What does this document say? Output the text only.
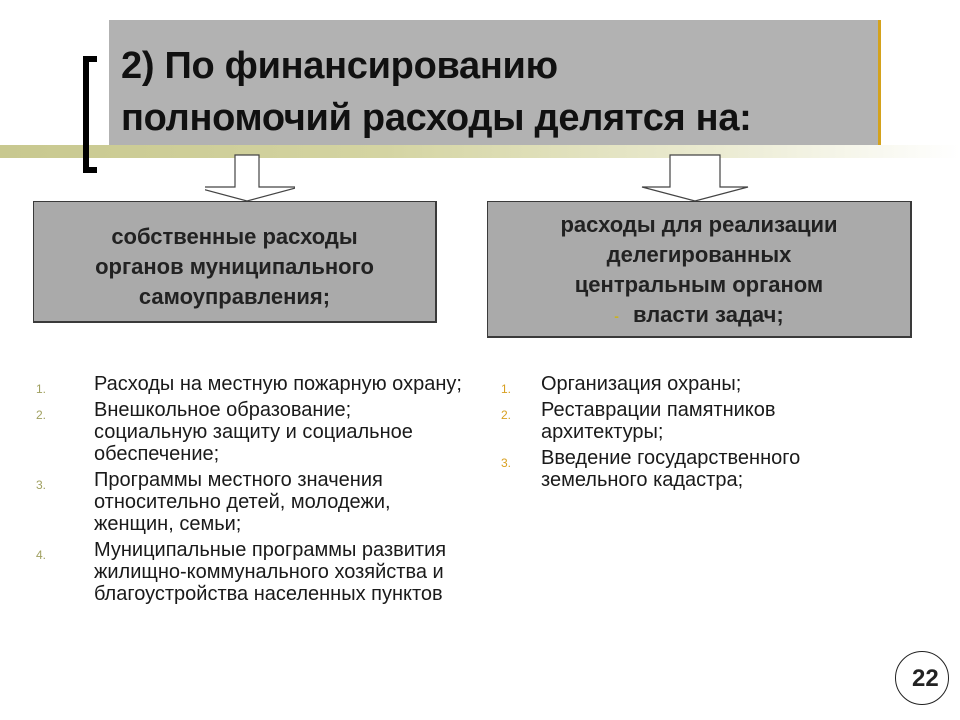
2) По финансированию

полномочий расходы делятся на:

собственные расходы
органов муниципального
самоуправления;
расходы для реализации
делегированных
центральным органом
- власти задач;
1. Расходы на местную пожарную охрану;
2. Внешкольное образование; социальную защиту и социальное обеспечение;
3. Программы местного значения относительно детей, молодежи, женщин, семьи;
4. Муниципальные программы развития жилищно-коммунального хозяйства и благоустройства населенных пунктов
1. Организация охраны;
2. Реставрации памятников архитектуры;
3. Введение государственного земельного кадастра;
22
